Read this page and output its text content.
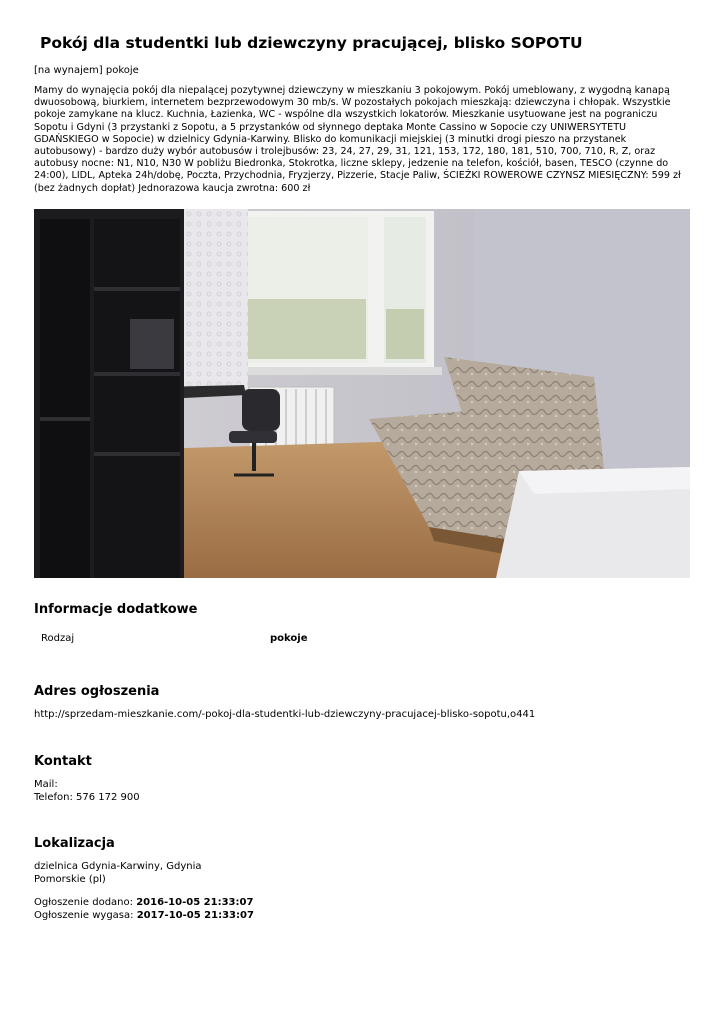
Pokój dla studentki lub dziewczyny pracującej, blisko SOPOTU
[na wynajem] pokoje

Mamy do wynajęcia pokój dla niepalącej pozytywnej dziewczyny w mieszkaniu 3 pokojowym. Pokój umeblowany, z wygodną kanapą dwuosobową, biurkiem, internetem bezprzewodowym 30 mb/s. W pozostałych pokojach mieszkają: dziewczyna i chłopak. Wszystkie pokoje zamykane na klucz. Kuchnia, Łazienka, WC - wspólne dla wszystkich lokatorów. Mieszkanie usytuowane jest na pograniczu Sopotu i Gdyni (3 przystanki z Sopotu, a 5 przystanków od słynnego deptaka Monte Cassino w Sopocie czy UNIWERSYTETU GDAŃSKIEGO w Sopocie) w dzielnicy Gdynia-Karwiny. Blisko do komunikacji miejskiej (3 minutki drogi pieszo na przystanek autobusowy) - bardzo duży wybór autobusów i trolejbusów: 23, 24, 27, 29, 31, 121, 153, 172, 180, 181, 510, 700, 710, R, Z, oraz autobusy nocne: N1, N10, N30 W pobliżu Biedronka, Stokrotka, liczne sklepy, jedzenie na telefon, kościół, basen, TESCO (czynne do 24:00), LIDL, Apteka 24h/dobę, Poczta, Przychodnia, Fryzjerzy, Pizzerie, Stacje Paliw, ŚCIEŻKI ROWEROWE CZYNSZ MIESIĘCZNY: 599 zł (bez żadnych dopłat) Jednorazowa kaucja zwrotna: 600 zł

Informacje dodatkowe
Rodzaj	pokoje
Adres ogłoszenia
http://sprzedam-mieszkanie.com/-pokoj-dla-studentki-lub-dziewczyny-pracujacej-blisko-sopotu,o441
Kontakt
Mail:
Telefon: 576 172 900
Lokalizacja
dzielnica Gdynia-Karwiny, Gdynia
Pomorskie (pl)
Ogłoszenie dodano: 2016-10-05 21:33:07
Ogłoszenie wygasa: 2017-10-05 21:33:07
